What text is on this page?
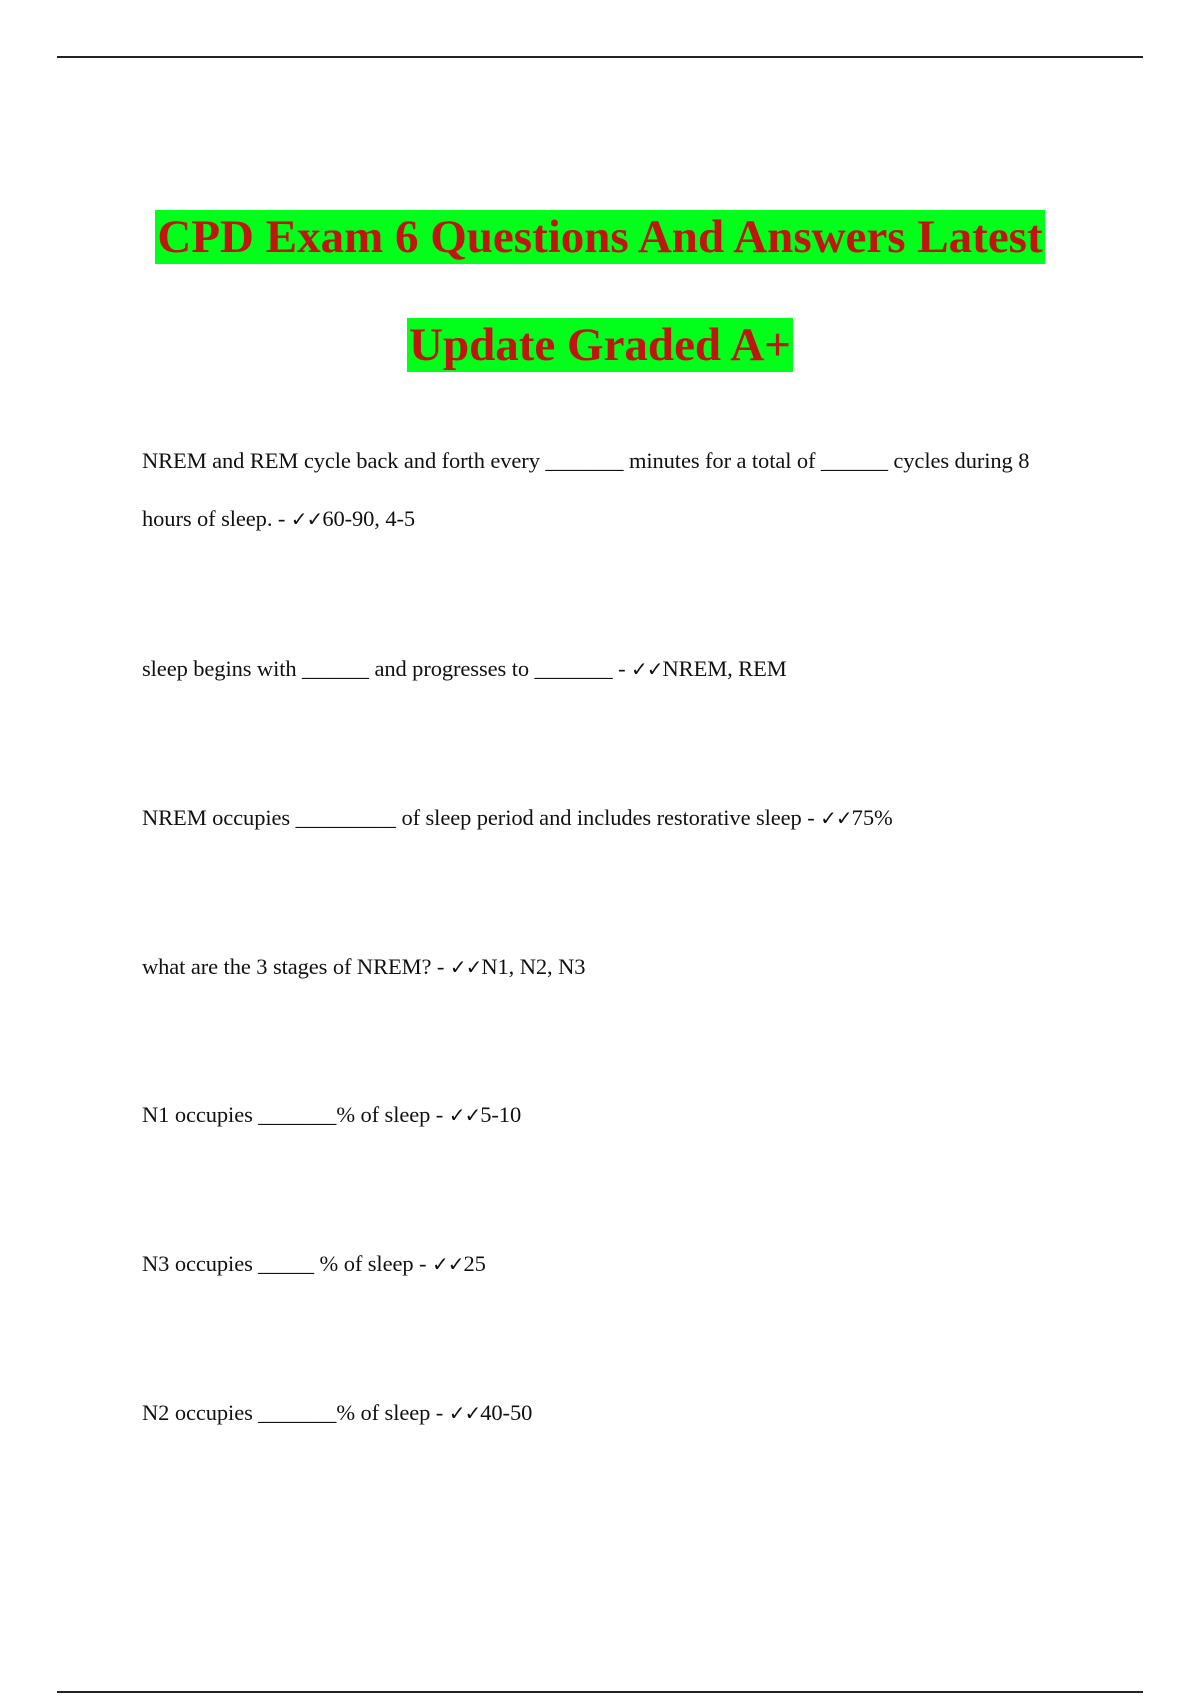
CPD Exam 6 Questions And Answers Latest
Update Graded A+

NREM and REM cycle back and forth every _______ minutes for a total of ______ cycles during 8 hours of sleep. - ✓✓60-90, 4-5

sleep begins with ______ and progresses to _______ - ✓✓NREM, REM

NREM occupies _________ of sleep period and includes restorative sleep - ✓✓75%

what are the 3 stages of NREM? - ✓✓N1, N2, N3

N1 occupies _______% of sleep - ✓✓5-10

N3 occupies _____ % of sleep - ✓✓25

N2 occupies _______% of sleep - ✓✓40-50
